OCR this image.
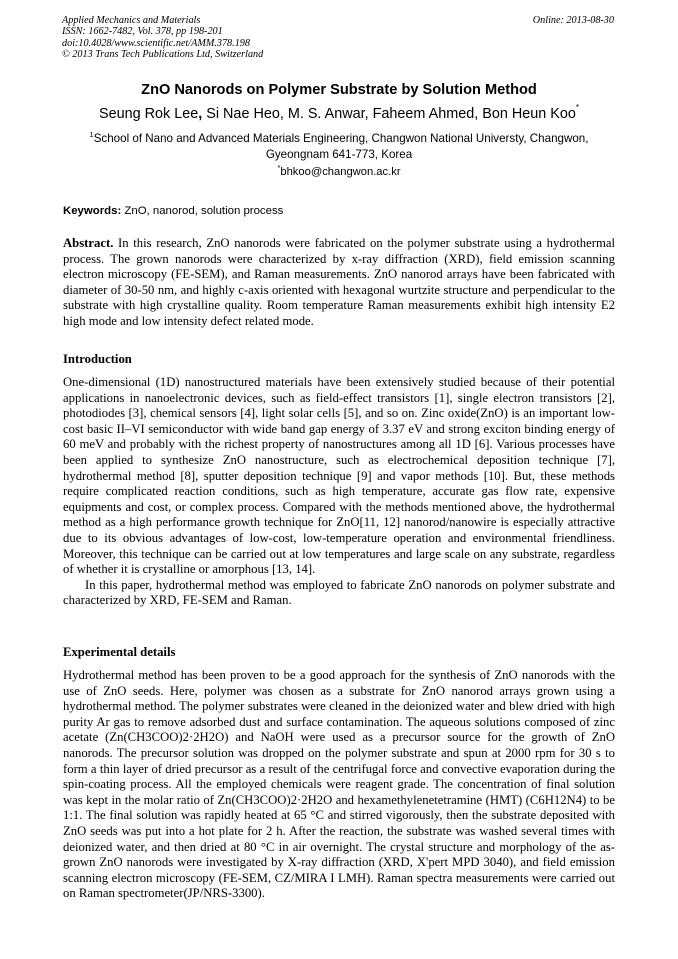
Applied Mechanics and Materials
ISSN: 1662-7482, Vol. 378, pp 198-201
doi:10.4028/www.scientific.net/AMM.378.198
© 2013 Trans Tech Publications Ltd, Switzerland
Online: 2013-08-30
ZnO Nanorods on Polymer Substrate by Solution Method
Seung Rok Lee, Si Nae Heo, M. S. Anwar, Faheem Ahmed, Bon Heun Koo*
$^1$School of Nano and Advanced Materials Engineering, Changwon National Universty, Changwon,
Gyeongnam 641-773, Korea
*bhkoo@changwon.ac.kr
Keywords: ZnO, nanorod, solution process
Abstract. In this research, ZnO nanorods were fabricated on the polymer substrate using a hydrothermal process. The grown nanorods were characterized by x-ray diffraction (XRD), field emission scanning electron microscopy (FE-SEM), and Raman measurements. ZnO nanorod arrays have been fabricated with diameter of 30-50 nm, and highly c-axis oriented with hexagonal wurtzite structure and perpendicular to the substrate with high crystalline quality. Room temperature Raman measurements exhibit high intensity E2 high mode and low intensity defect related mode.
Introduction
One-dimensional (1D) nanostructured materials have been extensively studied because of their potential applications in nanoelectronic devices, such as field-effect transistors [1], single electron transistors [2], photodiodes [3], chemical sensors [4], light solar cells [5], and so on. Zinc oxide(ZnO) is an important low-cost basic II–VI semiconductor with wide band gap energy of 3.37 eV and strong exciton binding energy of 60 meV and probably with the richest property of nanostructures among all 1D [6]. Various processes have been applied to synthesize ZnO nanostructure, such as electrochemical deposition technique [7], hydrothermal method [8], sputter deposition technique [9] and vapor methods [10]. But, these methods require complicated reaction conditions, such as high temperature, accurate gas flow rate, expensive equipments and cost, or complex process. Compared with the methods mentioned above, the hydrothermal method as a high performance growth technique for ZnO[11, 12] nanorod/nanowire is especially attractive due to its obvious advantages of low-cost, low-temperature operation and environmental friendliness. Moreover, this technique can be carried out at low temperatures and large scale on any substrate, regardless of whether it is crystalline or amorphous [13, 14].
In this paper, hydrothermal method was employed to fabricate ZnO nanorods on polymer substrate and characterized by XRD, FE-SEM and Raman.
Experimental details
Hydrothermal method has been proven to be a good approach for the synthesis of ZnO nanorods with the use of ZnO seeds. Here, polymer was chosen as a substrate for ZnO nanorod arrays grown using a hydrothermal method. The polymer substrates were cleaned in the deionized water and blew dried with high purity Ar gas to remove adsorbed dust and surface contamination. The aqueous solutions composed of zinc acetate (Zn(CH3COO)2·2H2O) and NaOH were used as a precursor source for the growth of ZnO nanorods. The precursor solution was dropped on the polymer substrate and spun at 2000 rpm for 30 s to form a thin layer of dried precursor as a result of the centrifugal force and convective evaporation during the spin-coating process. All the employed chemicals were reagent grade. The concentration of final solution was kept in the molar ratio of Zn(CH3COO)2·2H2O and hexamethylenetetramine (HMT) (C6H12N4) to be 1:1. The final solution was rapidly heated at 65 °C and stirred vigorously, then the substrate deposited with ZnO seeds was put into a hot plate for 2 h. After the reaction, the substrate was washed several times with deionized water, and then dried at 80 °C in air overnight. The crystal structure and morphology of the as-grown ZnO nanorods were investigated by X-ray diffraction (XRD, X'pert MPD 3040), and field emission scanning electron microscopy (FE-SEM, CZ/MIRA I LMH). Raman spectra measurements were carried out on Raman spectrometer(JP/NRS-3300).
